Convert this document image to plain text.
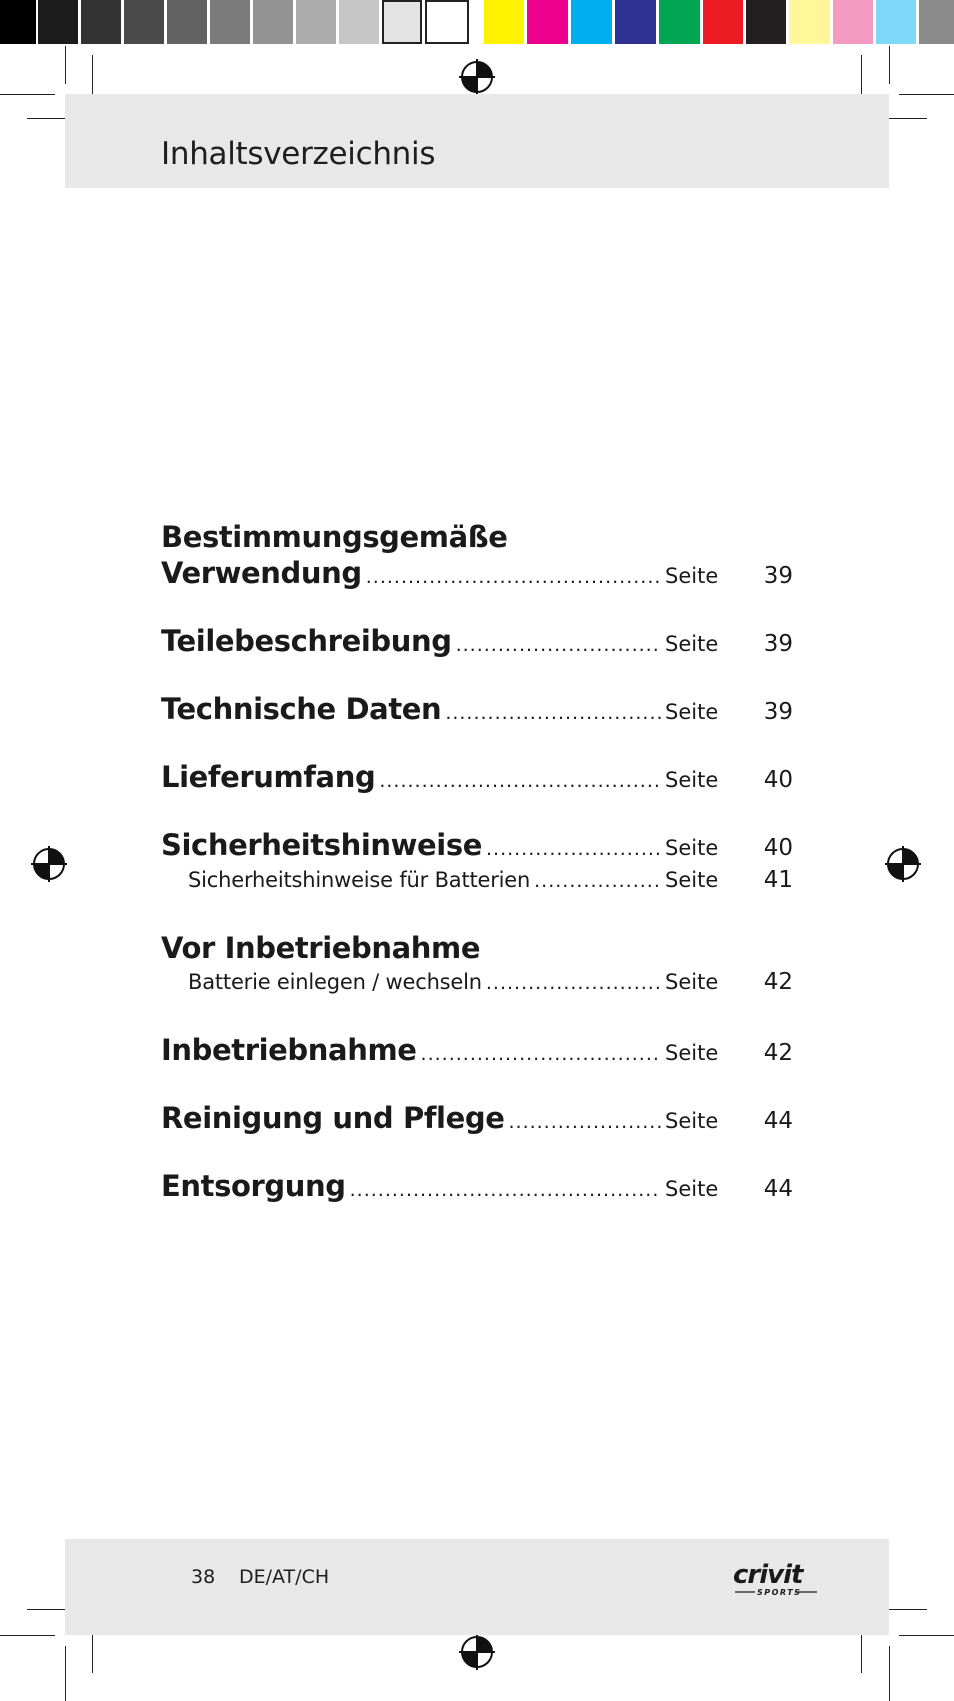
Inhaltsverzeichnis
Bestimmungsgemäße
Verwendung .....	Seite	39
Teilebeschreibung .....	Seite	39
Technische Daten .....	Seite	39
Lieferumfang .....	Seite	40
Sicherheitshinweise .....	Seite	40
Sicherheitshinweise für Batterien .....	Seite	41
Vor Inbetriebnahme
Batterie einlegen / wechseln .....	Seite	42
Inbetriebnahme .....	Seite	42
Reinigung und Pflege .....	Seite	44
Entsorgung .....	Seite	44
38 DE/AT/CH	crivit
SPORTS
